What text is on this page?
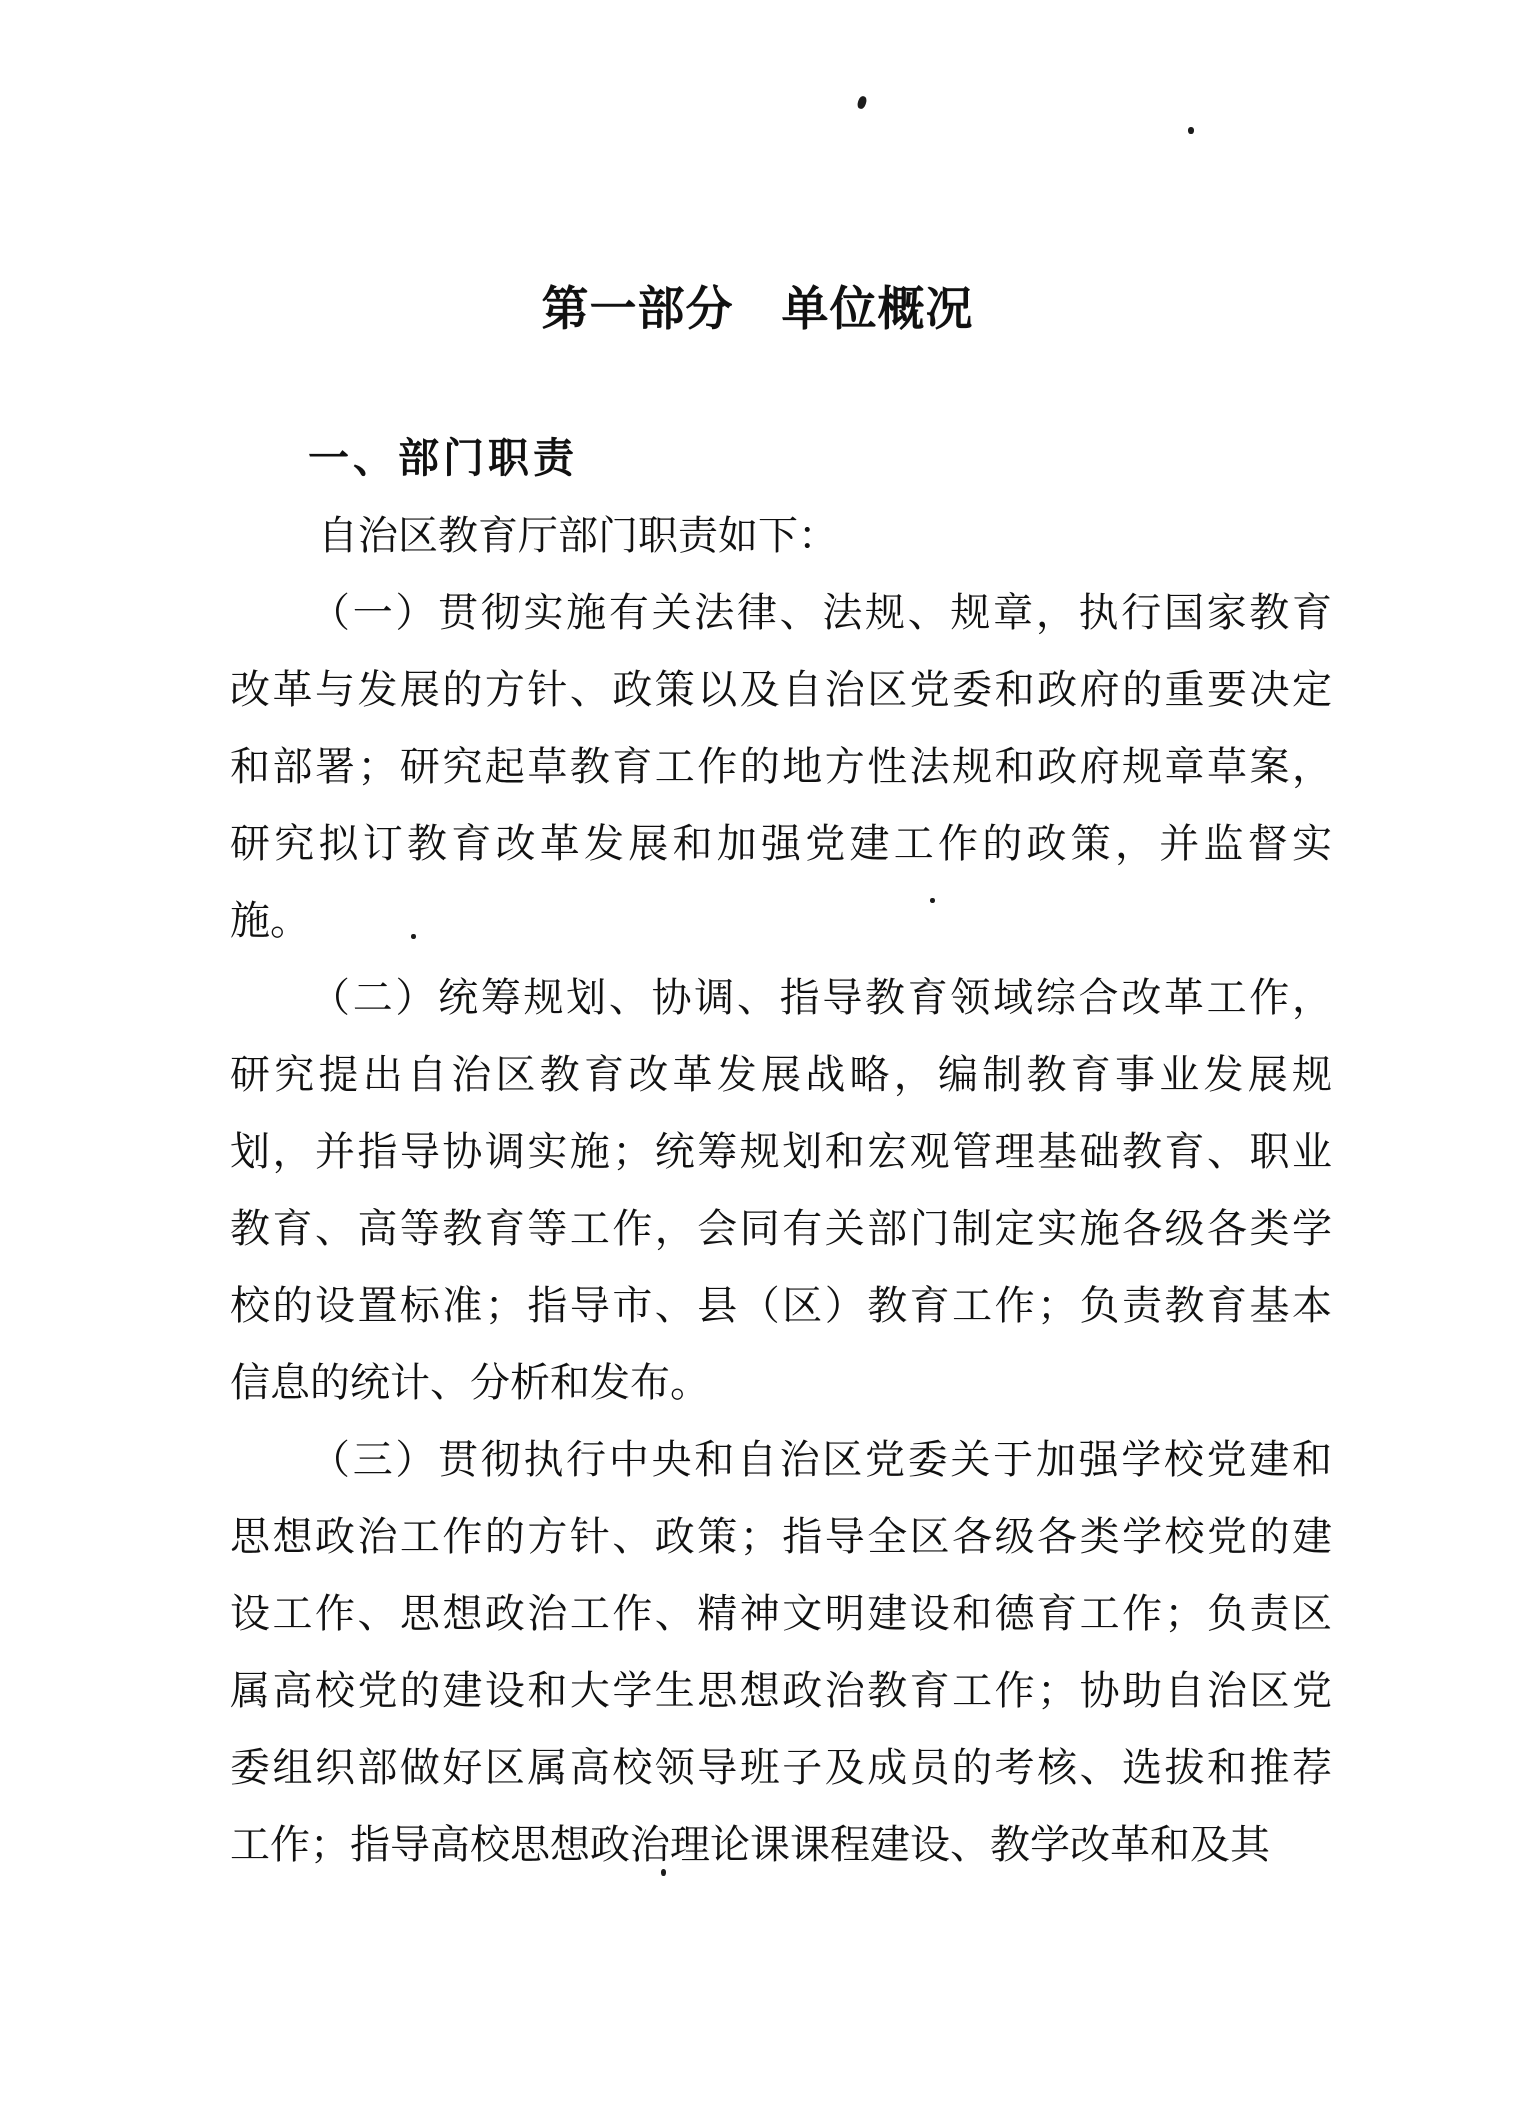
第一部分　单位概况
一、部门职责
自治区教育厅部门职责如下：
（一）贯彻实施有关法律、法规、规章，执行国家教育
改革与发展的方针、政策以及自治区党委和政府的重要决定
和部署；研究起草教育工作的地方性法规和政府规章草案，
研究拟订教育改革发展和加强党建工作的政策，并监督实
施。
（二）统筹规划、协调、指导教育领域综合改革工作，
研究提出自治区教育改革发展战略，编制教育事业发展规
划，并指导协调实施；统筹规划和宏观管理基础教育、职业
教育、高等教育等工作，会同有关部门制定实施各级各类学
校的设置标准；指导市、县（区）教育工作；负责教育基本
信息的统计、分析和发布。
（三）贯彻执行中央和自治区党委关于加强学校党建和
思想政治工作的方针、政策；指导全区各级各类学校党的建
设工作、思想政治工作、精神文明建设和德育工作；负责区
属高校党的建设和大学生思想政治教育工作；协助自治区党
委组织部做好区属高校领导班子及成员的考核、选拔和推荐
工作；指导高校思想政治理论课课程建设、教学改革和及其
